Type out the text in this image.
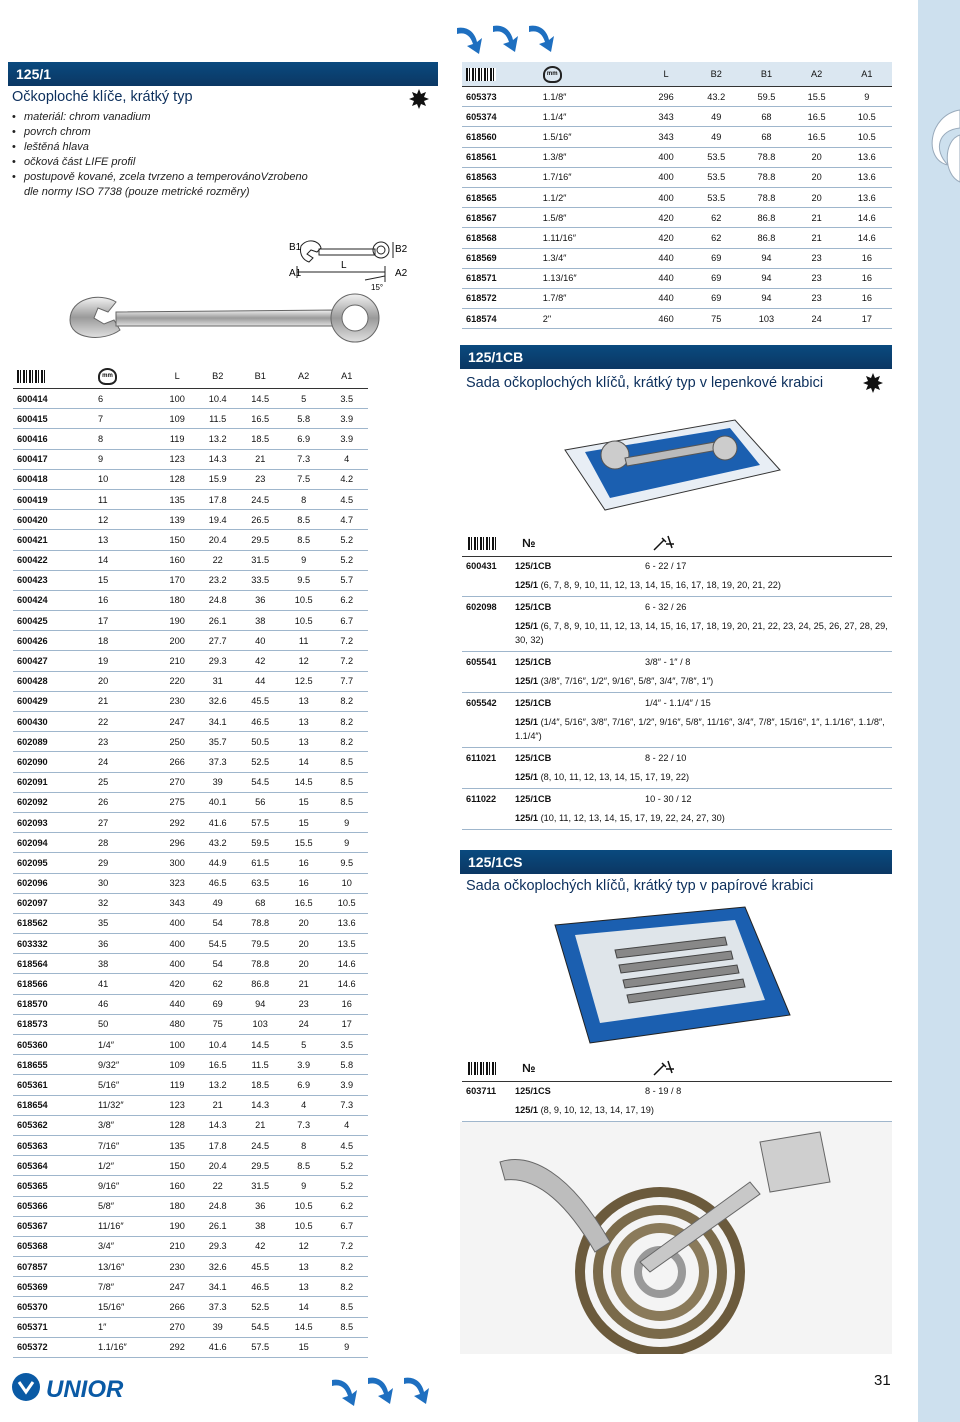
125/1
Očkoploché klíče, krátký typ
• materiál: chrom vanadium
• povrch chrom
• leštěná hlava
• očková část LIFE profil
• postupově kované, zcela tvrzeno a temperovánoVzrobeno dle normy ISO 7738 (pouze metrické rozměry)
B1
A1
L
B2
A2
15°
	mm	L	B2	B1	A2	A1
600414	6	100	10.4	14.5	5	3.5
600415	7	109	11.5	16.5	5.8	3.9
600416	8	119	13.2	18.5	6.9	3.9
600417	9	123	14.3	21	7.3	4
600418	10	128	15.9	23	7.5	4.2
600419	11	135	17.8	24.5	8	4.5
600420	12	139	19.4	26.5	8.5	4.7
600421	13	150	20.4	29.5	8.5	5.2
600422	14	160	22	31.5	9	5.2
600423	15	170	23.2	33.5	9.5	5.7
600424	16	180	24.8	36	10.5	6.2
600425	17	190	26.1	38	10.5	6.7
600426	18	200	27.7	40	11	7.2
600427	19	210	29.3	42	12	7.2
600428	20	220	31	44	12.5	7.7
600429	21	230	32.6	45.5	13	8.2
600430	22	247	34.1	46.5	13	8.2
602089	23	250	35.7	50.5	13	8.2
602090	24	266	37.3	52.5	14	8.5
602091	25	270	39	54.5	14.5	8.5
602092	26	275	40.1	56	15	8.5
602093	27	292	41.6	57.5	15	9
602094	28	296	43.2	59.5	15.5	9
602095	29	300	44.9	61.5	16	9.5
602096	30	323	46.5	63.5	16	10
602097	32	343	49	68	16.5	10.5
618562	35	400	54	78.8	20	13.6
603332	36	400	54.5	79.5	20	13.5
618564	38	400	54	78.8	20	14.6
618566	41	420	62	86.8	21	14.6
618570	46	440	69	94	23	16
618573	50	480	75	103	24	17
605360	1/4″	100	10.4	14.5	5	3.5
618655	9/32″	109	16.5	11.5	3.9	5.8
605361	5/16″	119	13.2	18.5	6.9	3.9
618654	11/32″	123	21	14.3	4	7.3
605362	3/8″	128	14.3	21	7.3	4
605363	7/16″	135	17.8	24.5	8	4.5
605364	1/2″	150	20.4	29.5	8.5	5.2
605365	9/16″	160	22	31.5	9	5.2
605366	5/8″	180	24.8	36	10.5	6.2
605367	11/16″	190	26.1	38	10.5	6.7
605368	3/4″	210	29.3	42	12	7.2
607857	13/16″	230	32.6	45.5	13	8.2
605369	7/8″	247	34.1	46.5	13	8.2
605370	15/16″	266	37.3	52.5	14	8.5
605371	1″	270	39	54.5	14.5	8.5
605372	1.1/16″	292	41.6	57.5	15	9
	mm	L	B2	B1	A2	A1
605373	1.1/8″	296	43.2	59.5	15.5	9
605374	1.1/4″	343	49	68	16.5	10.5
618560	1.5/16″	343	49	68	16.5	10.5
618561	1.3/8″	400	53.5	78.8	20	13.6
618563	1.7/16″	400	53.5	78.8	20	13.6
618565	1.1/2″	400	53.5	78.8	20	13.6
618567	1.5/8″	420	62	86.8	21	14.6
618568	1.11/16″	420	62	86.8	21	14.6
618569	1.3/4″	440	69	94	23	16
618571	1.13/16″	440	69	94	23	16
618572	1.7/8″	440	69	94	23	16
618574	2"	460	75	103	24	17
125/1CB
Sada očkoplochých klíčů, krátký typ v lepenkové krabici
№
600431	125/1CB	6 - 22 / 17
	125/1 (6, 7, 8, 9, 10, 11, 12, 13, 14, 15, 16, 17, 18, 19, 20, 21, 22)	
602098	125/1CB	6 - 32 / 26
	125/1 (6, 7, 8, 9, 10, 11, 12, 13, 14, 15, 16, 17, 18, 19, 20, 21, 22, 23, 24, 25, 26, 27, 28, 29, 30, 32)	
605541	125/1CB	3/8″ - 1″ / 8
	125/1 (3/8″, 7/16″, 1/2″, 9/16″, 5/8″, 3/4″, 7/8″, 1″)	
605542	125/1CB	1/4″ - 1.1/4″ / 15
	125/1 (1/4″, 5/16″, 3/8″, 7/16″, 1/2″, 9/16″, 5/8″, 11/16″, 3/4″, 7/8″, 15/16″, 1″, 1.1/16″, 1.1/8″, 1.1/4″)	
611021	125/1CB	8 - 22 / 10
	125/1 (8, 10, 11, 12, 13, 14, 15, 17, 19, 22)	
611022	125/1CB	10 - 30 / 12
	125/1 (10, 11, 12, 13, 14, 15, 17, 19, 22, 24, 27, 30)	
125/1CS
Sada očkoplochých klíčů, krátký typ v papírové krabici
№
603711	125/1CS	8 - 19 / 8
	125/1 (8, 9, 10, 12, 13, 14, 17, 19)	
UNIOR	31
